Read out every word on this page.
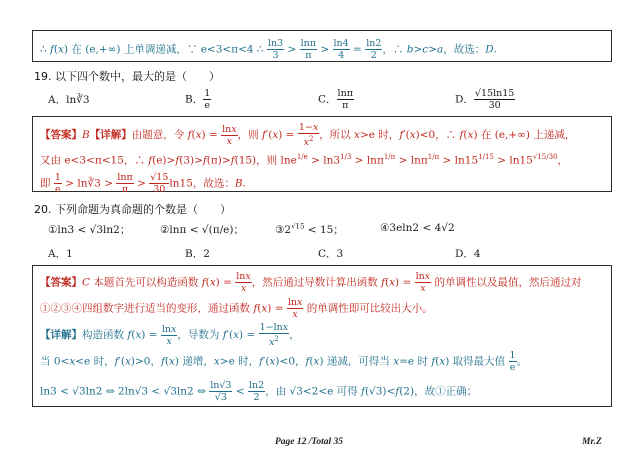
∴ f(x) 在 (e,+∞) 上单调递减，∵ e<3<π<4 ∴ $\frac{\ln 3}{3} > \frac{\ln\pi}{\pi} > \frac{\ln 4}{4} = \frac{\ln 2}{2}$ ，∴ b>c>a，故选：D.
19. 以下四个数中，最大的是（　　）
A．ln∛3	B． $\frac{1}{e}$	C． $\frac{\ln\pi}{\pi}$	D． $\frac{√15\ln 15}{30}$
【答案】B【详解】由题意，令 $f(x) = \frac{\ln x}{x}$ ，则 $f'(x) = \frac{1-x}{x^2}$ ，所以 x>e 时，f′(x)<0，∴ f(x) 在 (e,+∞) 上递减，
又由 e<3<π<15，∴ f(e)>f(3)>f(π)>f(15)，则 $\ln e^{1/e} > \ln 3^{1/3} > \ln\pi^{1/\pi} > \ln\pi^{1/\pi} > \ln 15^{1/15} > \ln 15^{√15/30}$，
即 $\frac{1}{e}$ > ln∛3 > $\frac{\ln\pi}{\pi} > \frac{√15}{30} \ln 15$，故选：B.
20. 下列命题为真命题的个数是（　　）
①ln3 < √3ln2；	②lnπ < √(π/e)；	$③2^{√15} < 15$；	④3eln2 < 4√2
A．1	B．2	C．3	D．4
【答案】C 本题首先可以构造函数 $f(x) = \frac{\ln x}{x}$ ，然后通过导数计算出函数 $f(x) = \frac{\ln x}{x}$ 的单调性以及最值，然后通过对
①②③④四组数字进行适当的变形，通过函数 $f(x) = \frac{\ln x}{x}$ 的单调性即可比较出大小。
【详解】构造函数 $f(x) = \frac{\ln x}{x}$ ，导数为 $f'(x) = \frac{1-\ln x}{x^2}$ ，
当 0<x<e 时，f′(x)>0，f(x) 递增，x>e 时，f′(x)<0，f(x) 递减，可得当 x=e 时 f(x) 取得最大值 $\frac{1}{e}$ 。
ln3 < √3ln2 ⇔ 2ln√3 < √3ln2 ⇔ $\frac{\ln√3}{√3} < \frac{\ln 2}{2}$ ，由 √3<2<e 可得 f(√3)<f(2)，故①正确；
Page 12 /Total 35	Mr.Z
